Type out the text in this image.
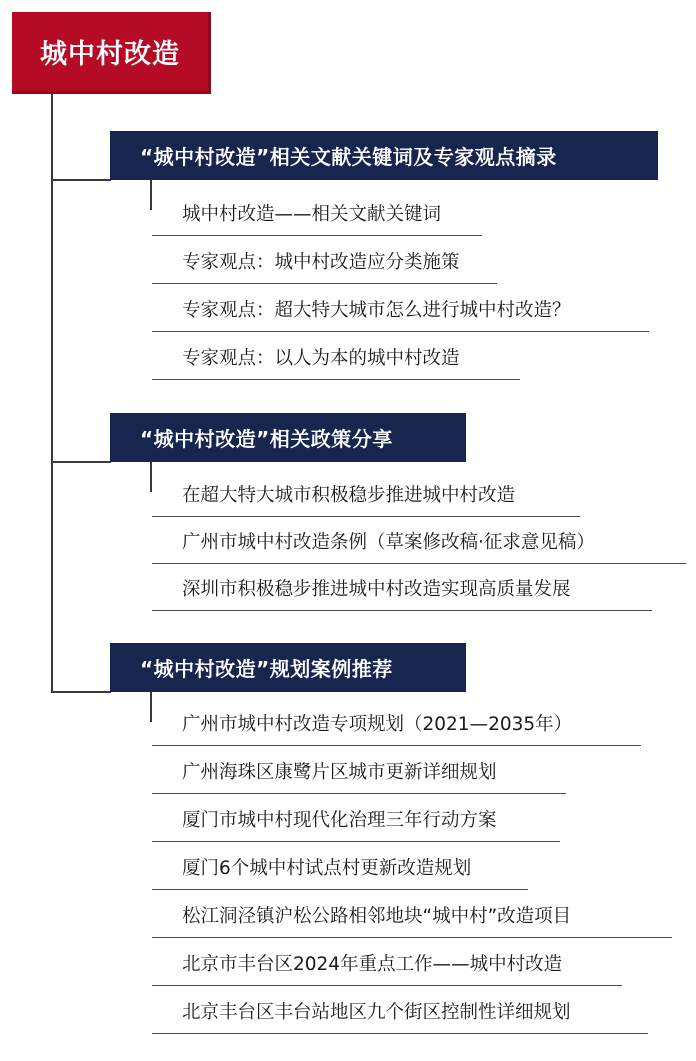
城中村改造
“城中村改造”相关文献关键词及专家观点摘录
城中村改造——相关文献关键词
专家观点：城中村改造应分类施策
专家观点：超大特大城市怎么进行城中村改造？
专家观点：以人为本的城中村改造
“城中村改造”相关政策分享
在超大特大城市积极稳步推进城中村改造
广州市城中村改造条例（草案修改稿·征求意见稿）
深圳市积极稳步推进城中村改造实现高质量发展
“城中村改造”规划案例推荐
广州市城中村改造专项规划（2021—2035年）
广州海珠区康鹭片区城市更新详细规划
厦门市城中村现代化治理三年行动方案
厦门6个城中村试点村更新改造规划
松江洞泾镇沪松公路相邻地块“城中村”改造项目
北京市丰台区2024年重点工作——城中村改造
北京丰台区丰台站地区九个街区控制性详细规划
